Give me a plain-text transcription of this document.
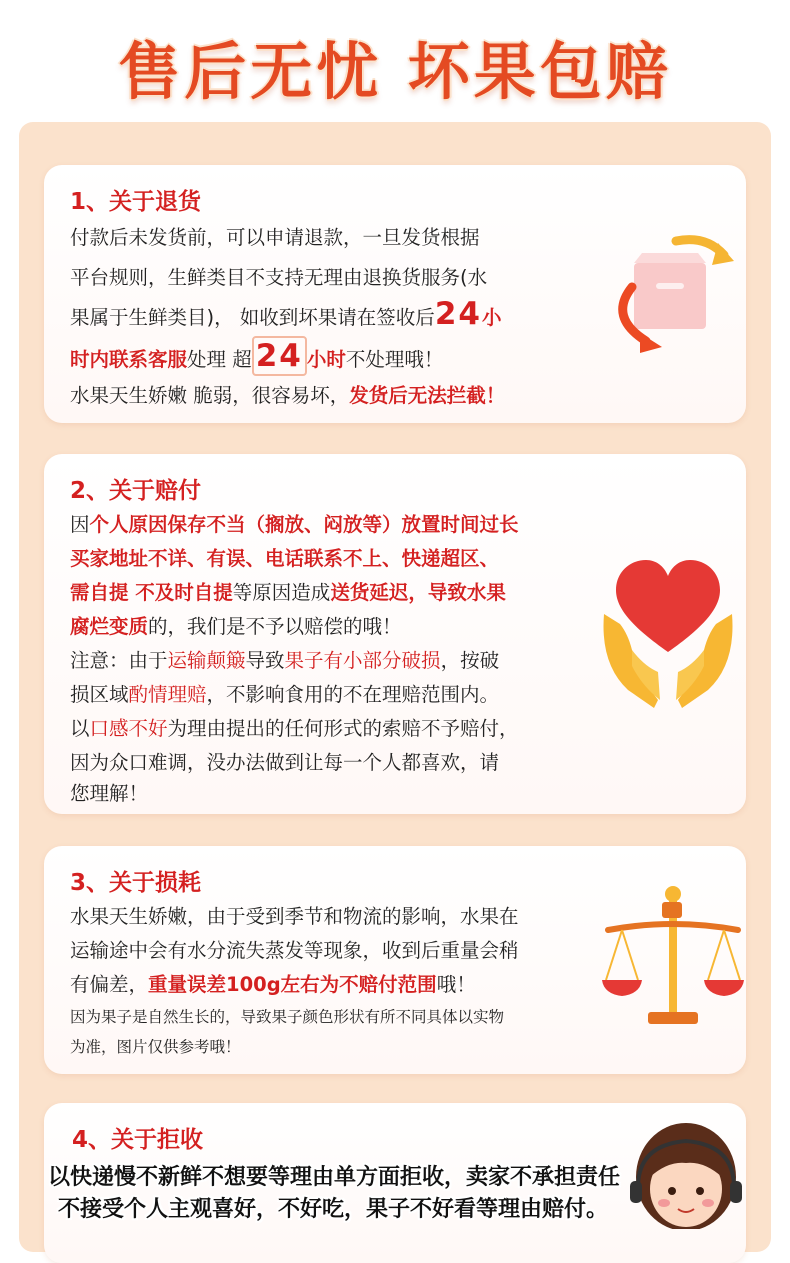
售后无忧 坏果包赔
1、关于退货
付款后未发货前，可以申请退款，一旦发货根据
平台规则，生鲜类目不支持无理由退换货服务(水
果属于生鲜类目)， 如收到坏果请在签收后24小
时内联系客服处理 超 24 小时不处理哦！
水果天生娇嫩 脆弱，很容易坏，发货后无法拦截！
2、关于赔付
因个人原因保存不当（搁放、闷放等）放置时间过长
买家地址不详、有误、电话联系不上、快递超区、
需自提 不及时自提等原因造成送货延迟，导致水果
腐烂变质的，我们是不予以赔偿的哦！
注意：由于运输颠簸导致果子有小部分破损，按破
损区域酌情理赔，不影响食用的不在理赔范围内。
以口感不好为理由提出的任何形式的索赔不予赔付，
因为众口难调，没办法做到让每一个人都喜欢，请
您理解！
3、关于损耗
水果天生娇嫩，由于受到季节和物流的影响，水果在
运输途中会有水分流失蒸发等现象，收到后重量会稍
有偏差，重量误差100g左右为不赔付范围哦！
因为果子是自然生长的，导致果子颜色形状有所不同具体以实物
为准，图片仅供参考哦！
4、关于拒收
以快递慢不新鲜不想要等理由单方面拒收，卖家不承担责任
不接受个人主观喜好，不好吃，果子不好看等理由赔付。
